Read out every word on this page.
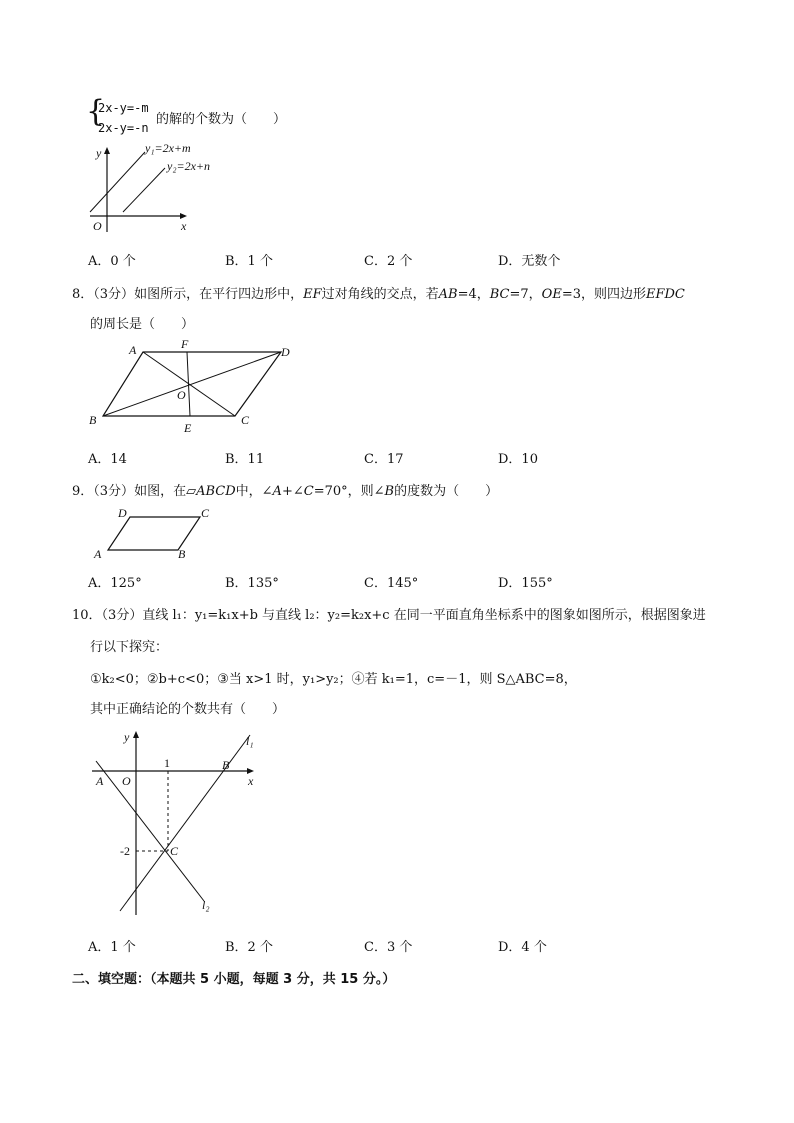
{
2x-y=-m
2x-y=-n
的解的个数为（　　）
y
x
O
y₁=2x+m
y₂=2x+n
A．0 个	B．1 个	C．2 个	D．无数个
8．（3分）如图所示，在平行四边形中，EF过对角线的交点，若AB=4，BC=7，OE=3，则四边形EFDC
的周长是（　　）
A	F
D
O
B
E
C
A．14	B．11	C．17	D．10
9．（3分）如图，在▱ABCD中，∠A+∠C=70°，则∠B的度数为（　　）
D	C
A	B
A．125°	B．135°	C．145°	D．155°
10．（3分）直线 l₁：y₁=k₁x+b 与直线 l₂：y₂=k₂x+c 在同一平面直角坐标系中的图象如图所示，根据图象进
行以下探究：
①k₂<0；②b+c<0；③当 x>1 时，y₁>y₂；④若 k₁=1，c=－1，则 S△ABC=8，
其中正确结论的个数共有（　　）
y
x
O
A
B
C
1
-2
l₁
l₂
A．1 个	B．2 个	C．3 个	D．4 个
二、填空题：（本题共 5 小题，每题 3 分，共 15 分。）
